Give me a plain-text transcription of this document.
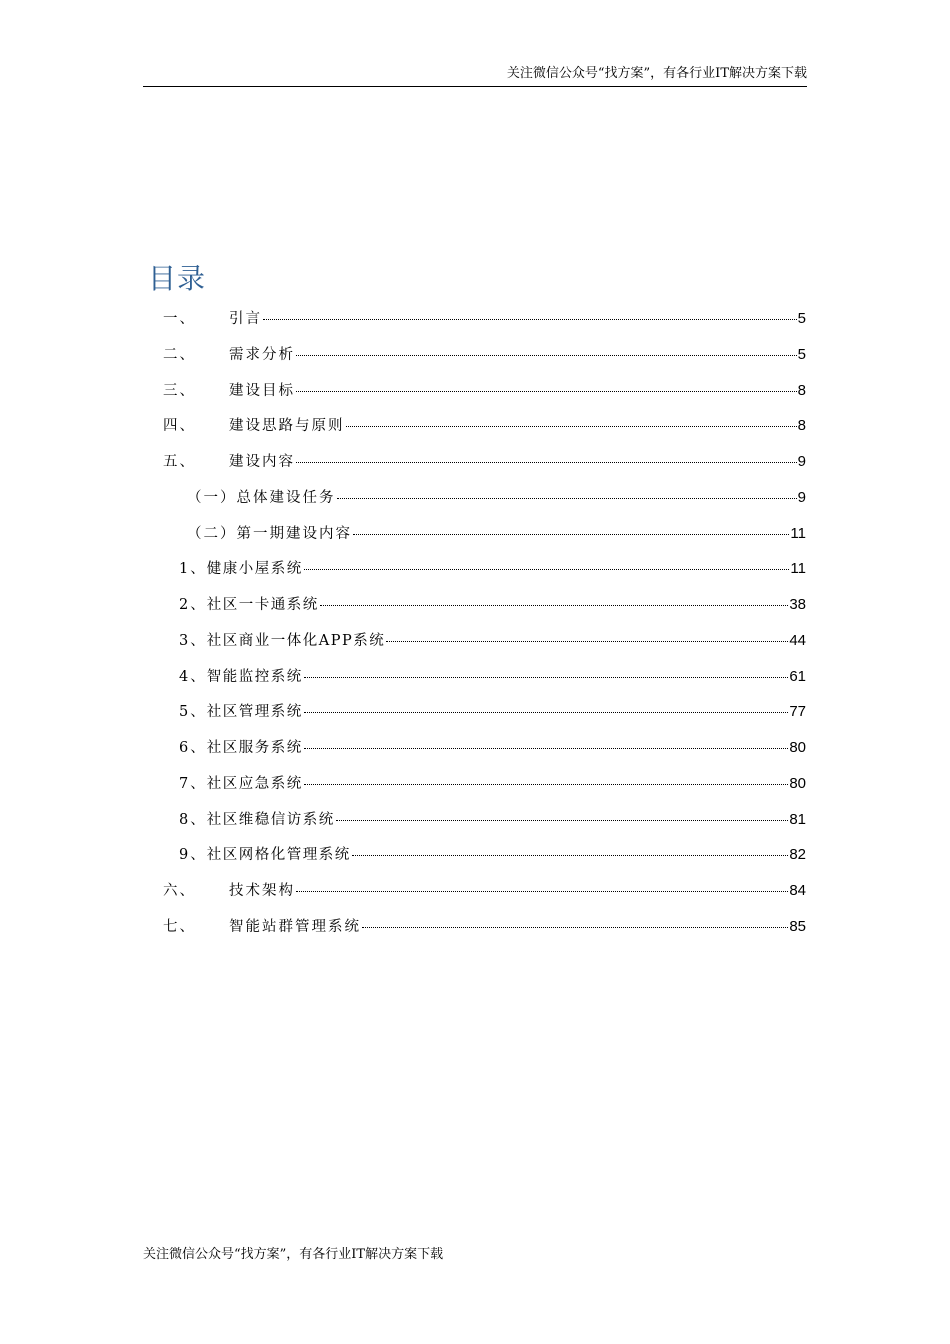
关注微信公众号“找方案”，有各行业IT解决方案下载
目录
一、	引言	5
二、	需求分析	5
三、	建设目标	8
四、	建设思路与原则	8
五、	建设内容	9
（一） 总体建设任务	9
（二） 第一期建设内容	11
1、 健康小屋系统	11
2、 社区一卡通系统	38
3、 社区商业一体化APP系统	44
4、 智能监控系统	61
5、 社区管理系统	77
6、 社区服务系统	80
7、 社区应急系统	80
8、 社区维稳信访系统	81
9、 社区网格化管理系统	82
六、	技术架构	84
七、	智能站群管理系统	85
关注微信公众号“找方案”，有各行业IT解决方案下载
